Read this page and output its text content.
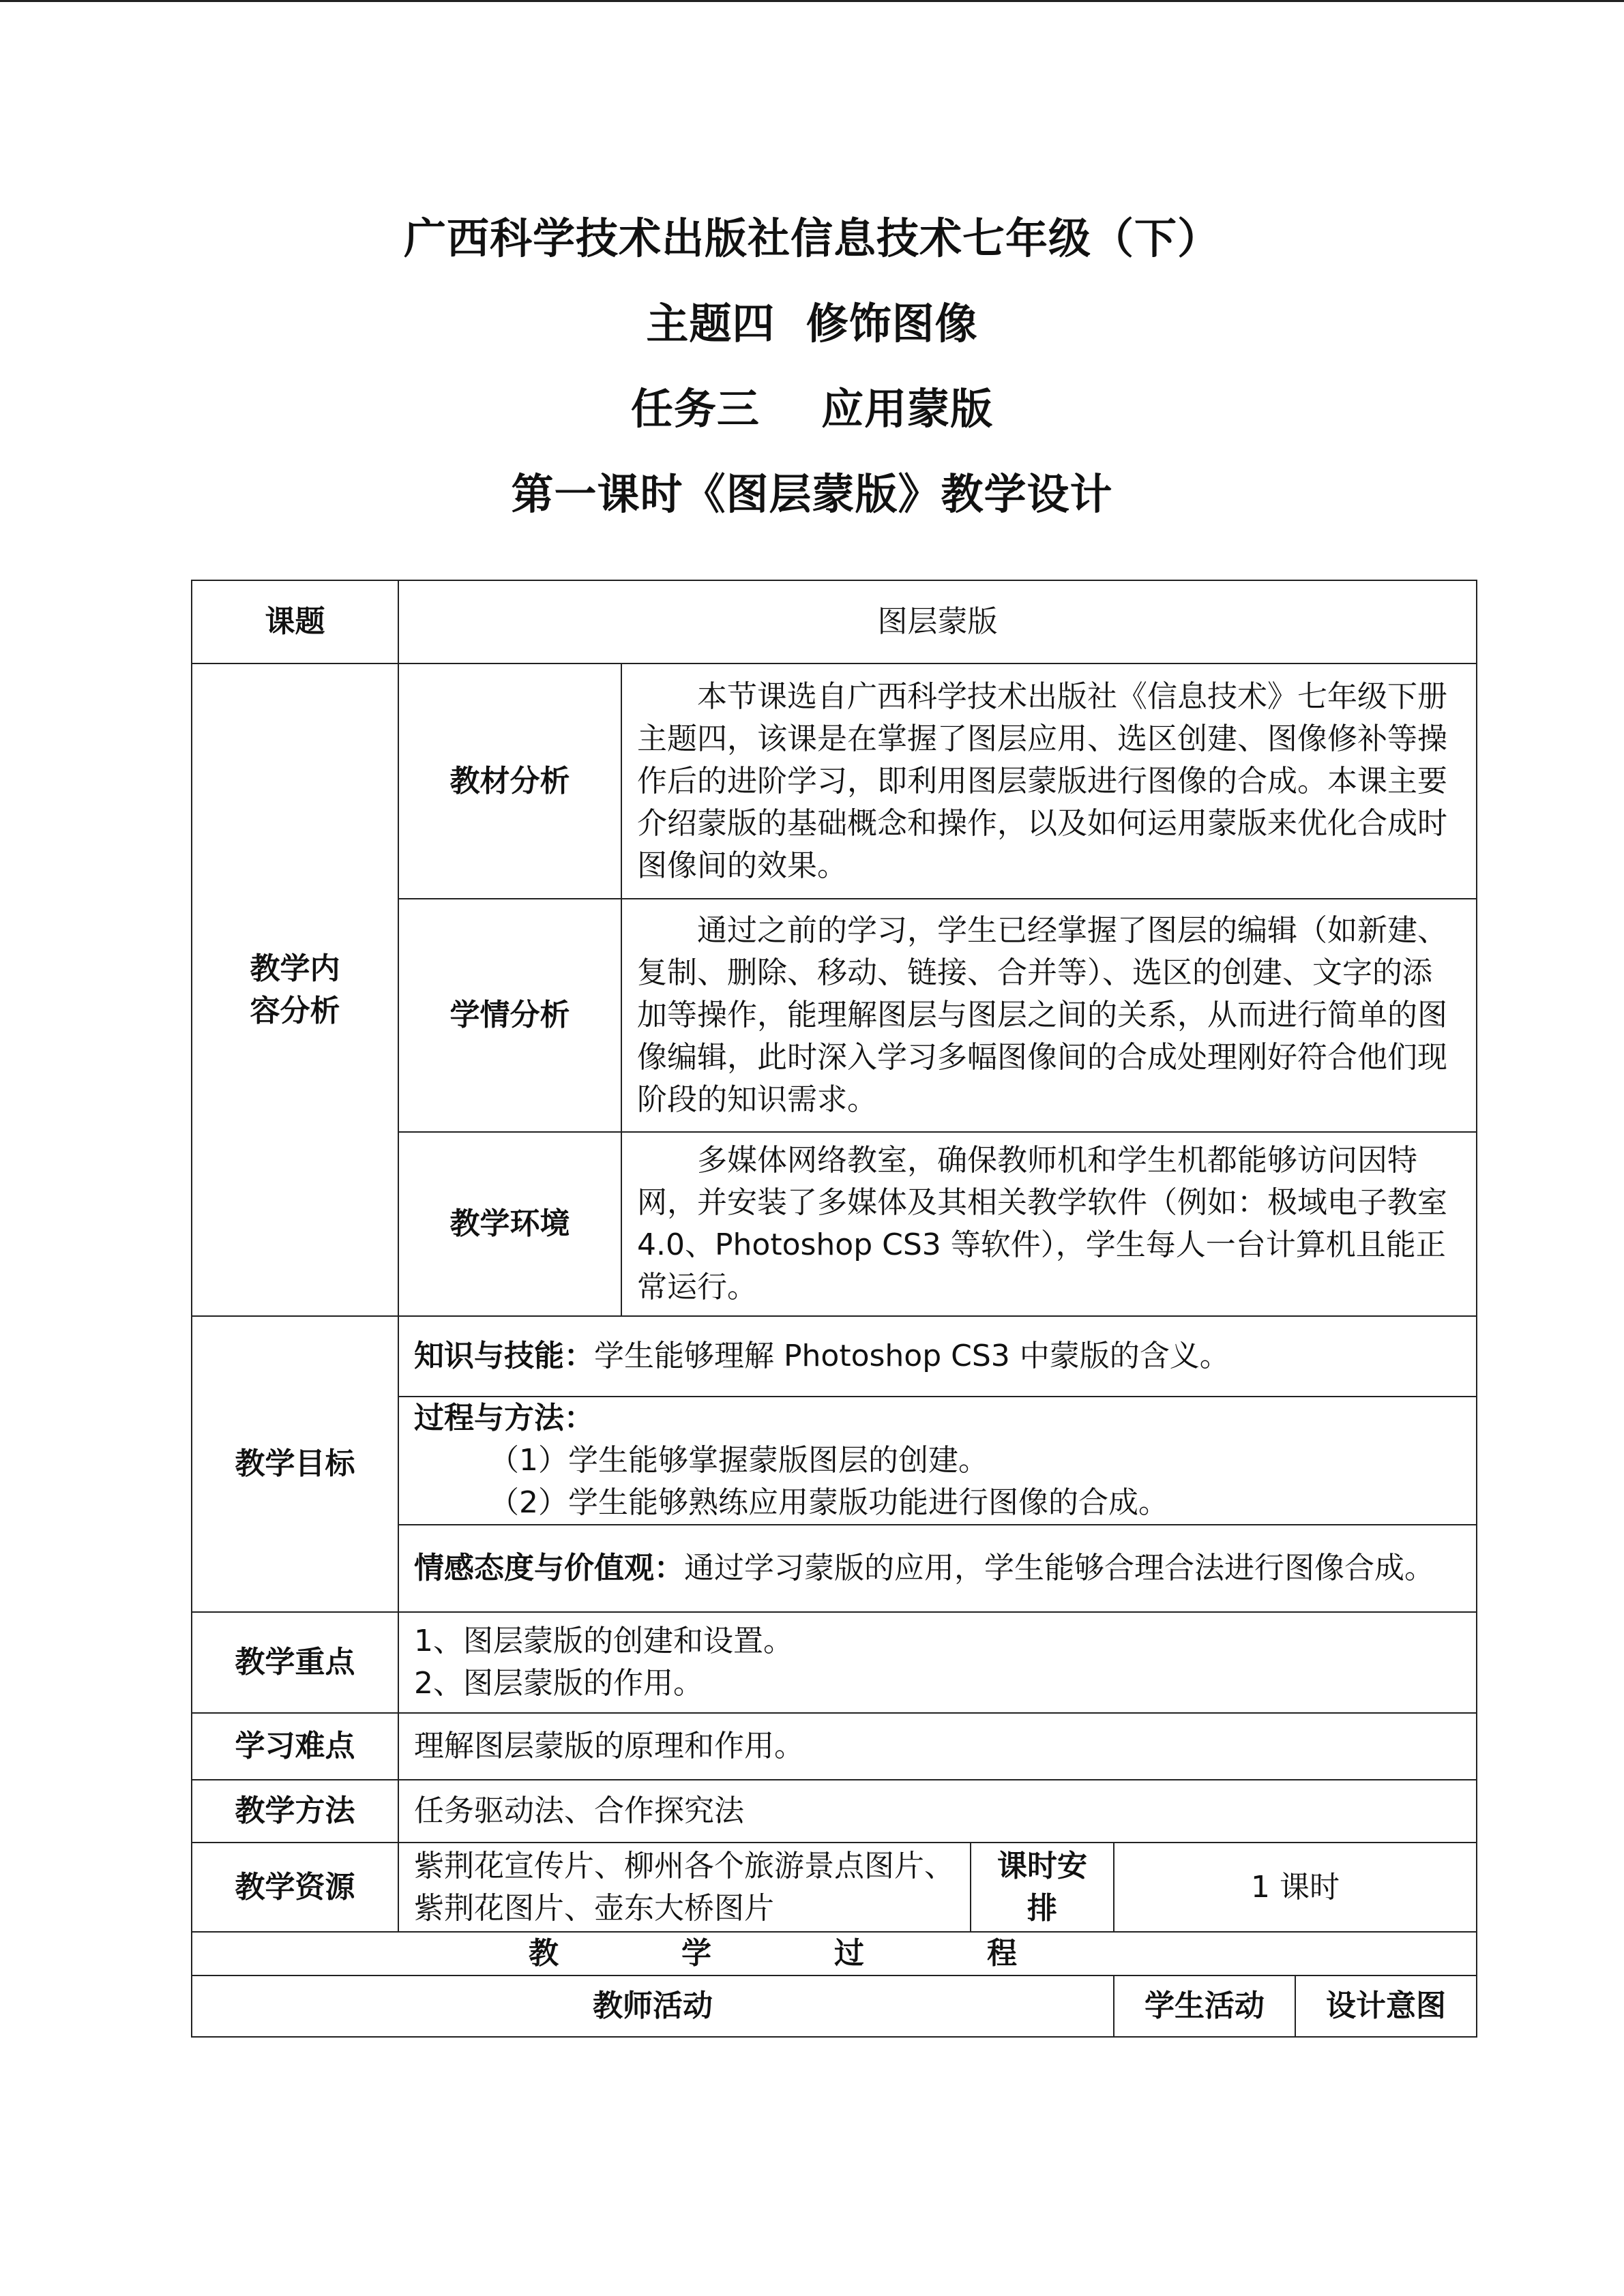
广西科学技术出版社信息技术七年级（下）
主题四  修饰图像
任务三    应用蒙版
第一课时《图层蒙版》教学设计
课题	图层蒙版				

教学内容分析	教材分析	本节课选自广西科学技术出版社《信息技术》七年级下册主题四，该课是在掌握了图层应用、选区创建、图像修补等操作后的进阶学习，即利用图层蒙版进行图像的合成。本课主要介绍蒙版的基础概念和操作，以及如何运用蒙版来优化合成时图像间的效果。			
	学情分析	通过之前的学习，学生已经掌握了图层的编辑（如新建、复制、删除、移动、链接、合并等）、选区的创建、文字的添加等操作，能理解图层与图层之间的关系，从而进行简单的图像编辑，此时深入学习多幅图像间的合成处理刚好符合他们现阶段的知识需求。			
	教学环境	多媒体网络教室，确保教师机和学生机都能够访问因特网，并安装了多媒体及其相关教学软件（例如：极域电子教室 4.0、Photoshop CS3 等软件），学生每人一台计算机且能正常运行。			
教学目标	知识与技能：学生能够理解 Photoshop CS3 中蒙版的含义。				

	过程与方法：
（1）学生能够掌握蒙版图层的创建。
（2）学生能够熟练应用蒙版功能进行图像的合成。				

	情感态度与价值观：通过学习蒙版的应用，学生能够合理合法进行图像合成。				
教学重点	1、图层蒙版的创建和设置。
2、图层蒙版的作用。				

学习难点	理解图层蒙版的原理和作用。				
教学方法	任务驱动法、合作探究法				
教学资源	紫荆花宣传片、柳州各个旅游景点图片、紫荆花图片、壶东大桥图片		课时安排	1 课时	
教学过程					
教师活动				学生活动	设计意图
